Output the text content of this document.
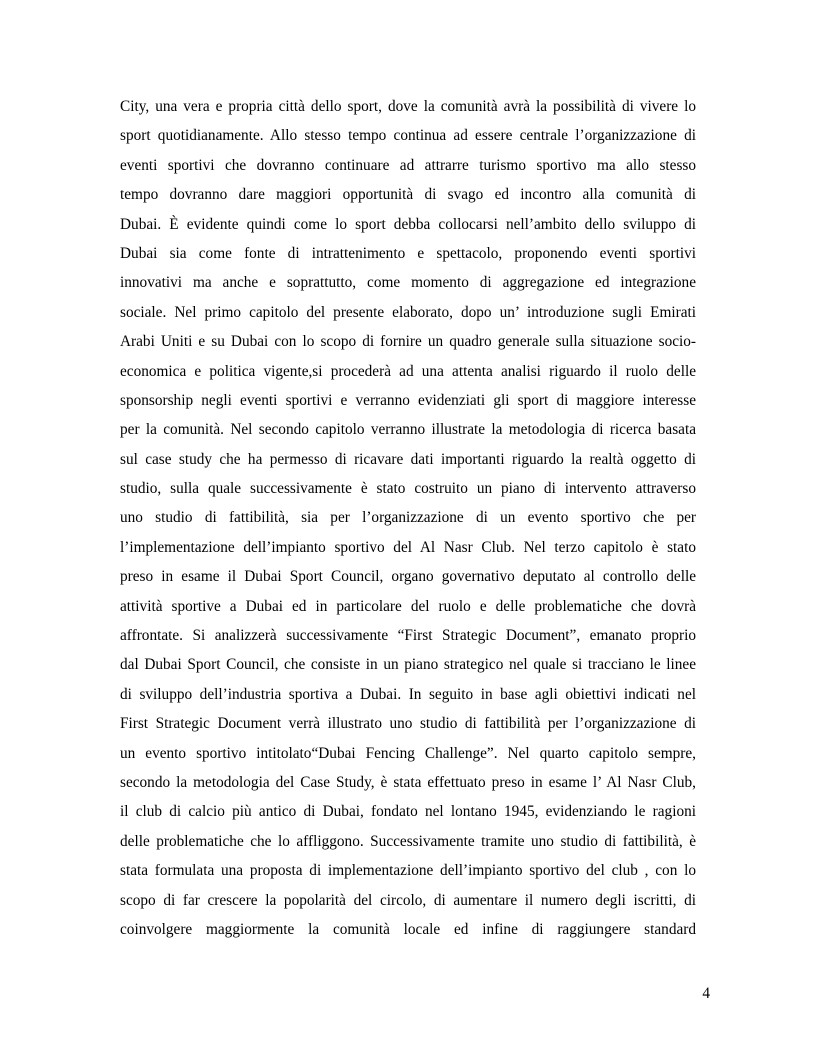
City, una vera e propria città dello sport, dove la comunità avrà la possibilità di vivere lo
sport quotidianamente. Allo stesso tempo continua ad essere centrale l’organizzazione di
eventi sportivi che dovranno continuare ad attrarre turismo sportivo ma allo stesso
tempo dovranno dare maggiori opportunità di svago ed incontro alla comunità di
Dubai. È evidente quindi come lo sport debba collocarsi nell’ambito dello sviluppo di
Dubai sia come fonte di intrattenimento e spettacolo, proponendo eventi sportivi
innovativi ma anche e soprattutto, come momento di aggregazione ed integrazione
sociale. Nel primo capitolo del presente elaborato, dopo un’ introduzione sugli Emirati
Arabi Uniti e su Dubai con lo scopo di fornire un quadro generale sulla situazione socio-
economica e politica vigente,si procederà ad una attenta analisi riguardo il ruolo delle
sponsorship negli eventi sportivi e verranno evidenziati gli sport di maggiore interesse
per la comunità. Nel secondo capitolo verranno illustrate la metodologia di ricerca basata
sul case study che ha permesso di ricavare dati importanti riguardo la realtà oggetto di
studio, sulla quale successivamente è stato costruito un piano di intervento attraverso
uno studio di fattibilità, sia per l’organizzazione di un evento sportivo che per
l’implementazione dell’impianto sportivo del Al Nasr Club. Nel terzo capitolo è stato
preso in esame il Dubai Sport Council, organo governativo deputato al controllo delle
attività sportive a Dubai ed in particolare del ruolo e delle problematiche che dovrà
affrontate. Si analizzerà successivamente “First Strategic Document”, emanato proprio
dal Dubai Sport Council, che consiste in un piano strategico nel quale si tracciano le linee
di sviluppo dell’industria sportiva a Dubai. In seguito in base agli obiettivi indicati nel
First Strategic Document verrà illustrato uno studio di fattibilità per l’organizzazione di
un evento sportivo intitolato“Dubai Fencing Challenge”. Nel quarto capitolo sempre,
secondo la metodologia del Case Study, è stata effettuato preso in esame l’ Al Nasr Club,
il club di calcio più antico di Dubai, fondato nel lontano 1945, evidenziando le ragioni
delle problematiche che lo affliggono. Successivamente tramite uno studio di fattibilità, è
stata formulata una proposta di implementazione dell’impianto sportivo del club , con lo
scopo di far crescere la popolarità del circolo, di aumentare il numero degli iscritti, di
coinvolgere maggiormente la comunità locale ed infine di raggiungere standard
4
